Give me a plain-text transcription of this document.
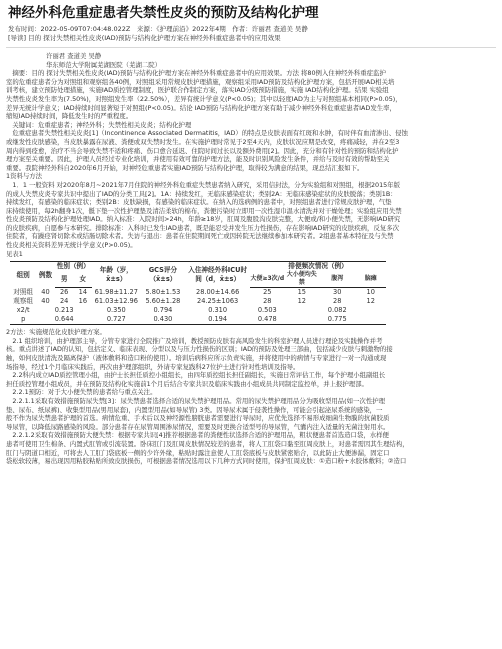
神经外科危重症患者失禁性皮炎的预防及结构化护理
发布时间：2022-05-09T07:04:48.022Z　来源：《护理前沿》2022年4期　作者：许丽君 查道美 吴静
[导读] 目的 探讨失禁相关性皮炎(IAD)预防与结构化护理方案在神经外科重症患者中的应用效果

许丽君 查道美 吴静

华东师范大学附属芜湖医院（芜湖二院）

　摘要：目的 探讨失禁相关性皮炎(IAD)预防与结构化护理方案在神经外科重症患者中的应用效果。方法 将80例入住神经外科重症监护

室的危重症患者分为对照组和观察组各40例，对照组采用常规皮肤护理措施，观察组采用IAD预防及结构化护理方案，包括开展IAD相关培

训考核，建立预防处理措施，实施IAD质控管理制度，医护联合作制定方案，落实IAD分级预防措施，实施 IAD结构化护理。结果 实验组

失禁性皮炎发生率为(7.50%)，对照组发生率（22.50%），差异有统计学意义(P<0.05)；其中以轻度IAD为主与对照组基本相同(P>0.05)，

差异无统计学意义；IAD持续时间显著短于对照组(P<0.05)。结论 IAD预防与结构化护理方案有助于减少神经外科危重症患者IAD发生率，

缩短IAD持续时间，降低发生时的严重程度。

　关键词：危重症患者；神经外科；失禁性相关皮炎；结构化护理

　危重症患者失禁性相关皮炎[1]（Incontinence Associated Dermatitis，IAD）的特点是皮肤表面有红斑和水肿，有时伴有血清渗出、侵蚀

或继发性皮肤感染，当皮肤暴露在尿液、粪便或双失禁时发生。在实施护理时常见于2至4天内，皮肤状况应期是改变，疼痛减轻，并在2至3

周内得到痊愈，治疗不当会导致失禁不适和疼痛、伤口愈合延迟、住院时间过长以及额外费用[2]。因此，充分和有针对性的预防和结构化护

理方案至关重要。因此，护理人员经过专业化培训，并使用有效可靠的护理方法，能及时识别风险发生条件，并给与及时有效的帮助至关

重要。我院神经外科自2020年6月开始，对神经危重患者实施IAD预防与结构化护理，取得较为满意的结果，现总结汇报如下。

1资料与方法

　1．1 一般资料 对2020年8月~2021年7月住院的神经外科危重症失禁患者纳入研究，采用信封法，分为实验组和对照组，根据2015年版

的成人失禁皮炎专家共识中提出了IAD的分类工具[2]。1A：持续发红，无临床感染症状；类别2A：无临床感染症状的皮肤脱落；类别1B：

持续发红，有感染的临床症状；类别2B：皮肤缺损，有感染的临床症状。在纳入的选病例的患者中，对照组患者进行常规皮肤护理，气垫

床持续使用，每2h翻身1次，骶下垫一次性护理垫及清洁柔软的棉布，粪便污染时立即用一次性湿巾温水清洗并对干燥处理；实验组应用失禁

性皮炎预防及结构化护理处理IAD。纳入标准：入院时间>24h，年龄≥18岁，肛周及腹股沟皮肤完整，大便或/和小便失禁，无影响IAD研究

的皮肤疾病，自愿参与本研究。排除标准：入科时已发生IAD患者，既是能忍受并发生压力性损伤，存在影响IAD研究的皮肤疾病，反复多次

住院者，有躁痉肾切除术或结肠切除术者。失访与退出：患者在住院期间死亡或因转院无法继续参加本研究者。2组患者基本特征及与失禁

性皮炎相关资料差异无统计学意义(P>0.05)。

见表1

组别	例数	性别（例）		年龄（岁，x̄±s）	GCS评分（x̄±s）	入住神经外科ICU时间（d，x̄±s）	排便频次情况（例）			
		男	女				大便≥3次/d	大小便均失禁	腹泻	脑瘫
对照组	40	26	14	61.98±11.27	5.80±1.53	28.00±14.66	25	15	30	10
观察组	40	24	16	61.03±12.96	5.60±1.28	24.25±1063	28	12	28	12
x2/t		0.213		0.350	0.794	0.310	0.503		0.082	
p		0.644		0.727	0.430	0.194	0.478		0.775	

2方法：实施规范化皮肤护理方案。

　2.1 组织培训，由护理部主导，分管专家进行全院推广及培训，教授预防皮肤有高风险发生的科室护理人员进行理论及实践操作并考

核。重点讲述了IAD的认知，包括定义、临床表现、分型以及与压力性损伤的区别；IAD的预防及处理三部曲，包括减少皮肤与刺激物的接

触，如何皮肤清洗及隔离保护（液体敷料和造口粉的使用）。培训后病科应所示负责实施，并将使用中的病情与专家进行一对一沟通或现

场指导，经过1个月临床实践后，再次由护理部组织，外请专家复践科27位护士进行针对性培训及指导。

　2.2科内成立IAD质控管理小组，由护士长担任质控小组组长，由四年质控组长担任副组长，实施日常评估工作，每个护理小组副组长

担任质控管理小组成员，并在预防及结构化实施前1个月后结合专家共识及临床实践由小组成员共同制定监控单，并上报护理部。

　2.2.1预防：对于大小便失禁的患者给与重点关注。

　2.2.1.1采取有效措施预防尿失禁[3]：尿失禁患者选择合适的尿失禁护理用品。常用的尿失禁护理用品分为吸收型用品(如一次性护理

垫、尿布、纸尿裤)、收集型用品(男用尿套)，内置型用品(如导尿管) 3类。因导尿术属于侵袭性操作，可能会引起泌尿系统的感染，一

般不作为尿失禁患者护理的首选。病情危重、手术后以及神经源性膀胱患者需要进行导尿时，应优先选择不易形成细菌生物膜的抗菌胶质

导尿管，以降低尿路感染的风险。部分患者存在尿管周围渗尿情况，需要及时更换合适型号的导尿管，气囊内注入适量的无菌注射用水。

　2.2.1.2采取有效措施预防大便失禁：根据专家共识[4]推荐根据患者的粪便性状选择合适的护理用品，粗状便患者首选造口袋，水样便

患者可使用卫生棉条、内置式肛管或引流装置。卧床肛门及肛周皮肤情况较差的患者，将人工肛袋口黏至肛周皮肤上，对患者需因其生理结构，

肛门与阴道口相近，可将去人工肛门袋底板一侧的少许外缘，粘贴时露注意使人工肛袋底板与皮肤紧密贴合，以此防止大便渗漏，固定口

袋松软较薄，易出现因用粘胶粘贴所致皮肤损伤，可根据患者情况选用以下几种方式同时使用，保护肛周皮肤：①造口粉+水胶体敷料；②造口
